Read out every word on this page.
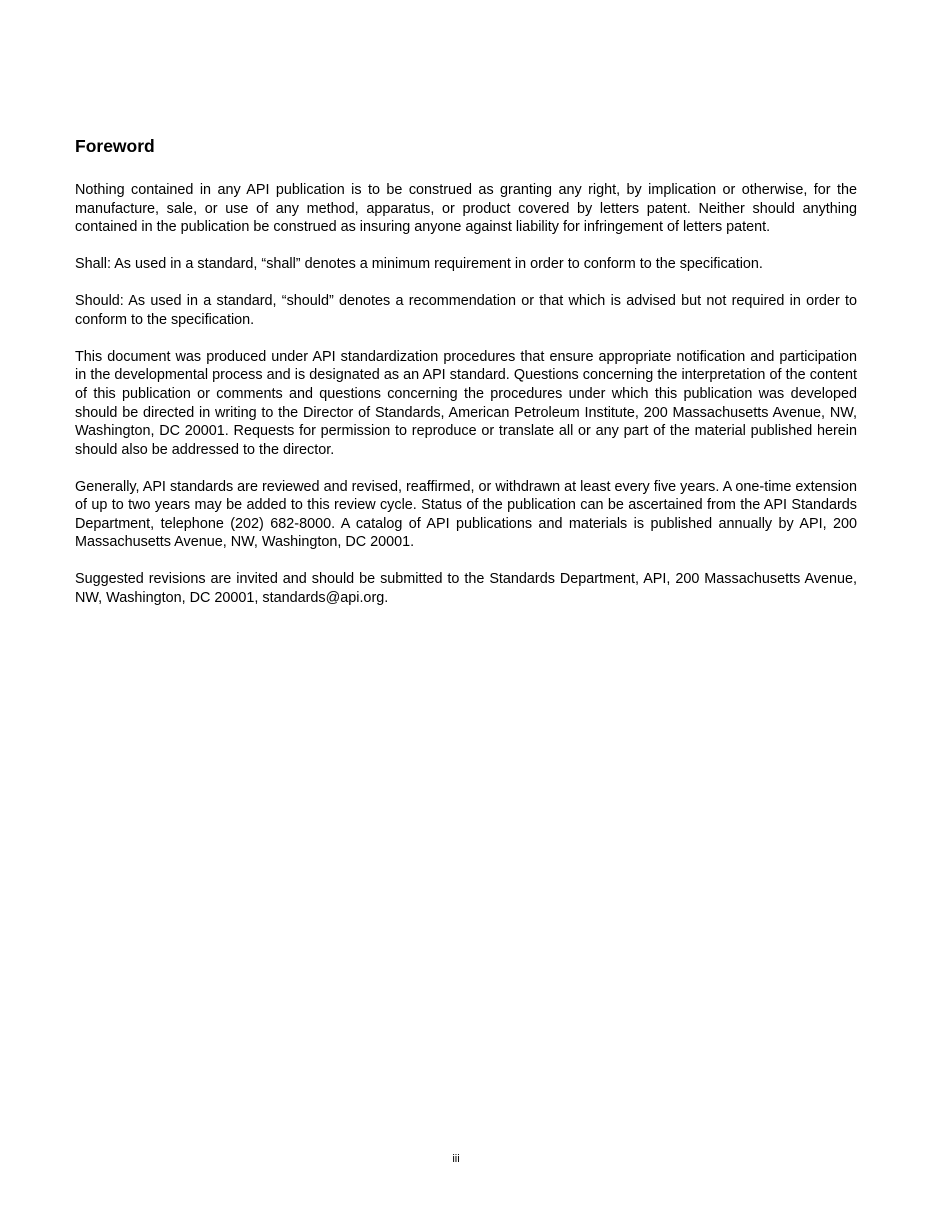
Foreword

Nothing contained in any API publication is to be construed as granting any right, by implication or otherwise, for the manufacture, sale, or use of any method, apparatus, or product covered by letters patent. Neither should anything contained in the publication be construed as insuring anyone against liability for infringement of letters patent.

Shall: As used in a standard, “shall” denotes a minimum requirement in order to conform to the specification.

Should: As used in a standard, “should” denotes a recommendation or that which is advised but not required in order to conform to the specification.

This document was produced under API standardization procedures that ensure appropriate notification and participation in the developmental process and is designated as an API standard. Questions concerning the interpretation of the content of this publication or comments and questions concerning the procedures under which this publication was developed should be directed in writing to the Director of Standards, American Petroleum Institute, 200 Massachusetts Avenue, NW, Washington, DC 20001. Requests for permission to reproduce or translate all or any part of the material published herein should also be addressed to the director.

Generally, API standards are reviewed and revised, reaffirmed, or withdrawn at least every five years. A one-time extension of up to two years may be added to this review cycle. Status of the publication can be ascertained from the API Standards Department, telephone (202) 682-8000. A catalog of API publications and materials is published annually by API, 200 Massachusetts Avenue, NW, Washington, DC 20001.

Suggested revisions are invited and should be submitted to the Standards Department, API, 200 Massachusetts Avenue, NW, Washington, DC 20001, standards@api.org.

iii
